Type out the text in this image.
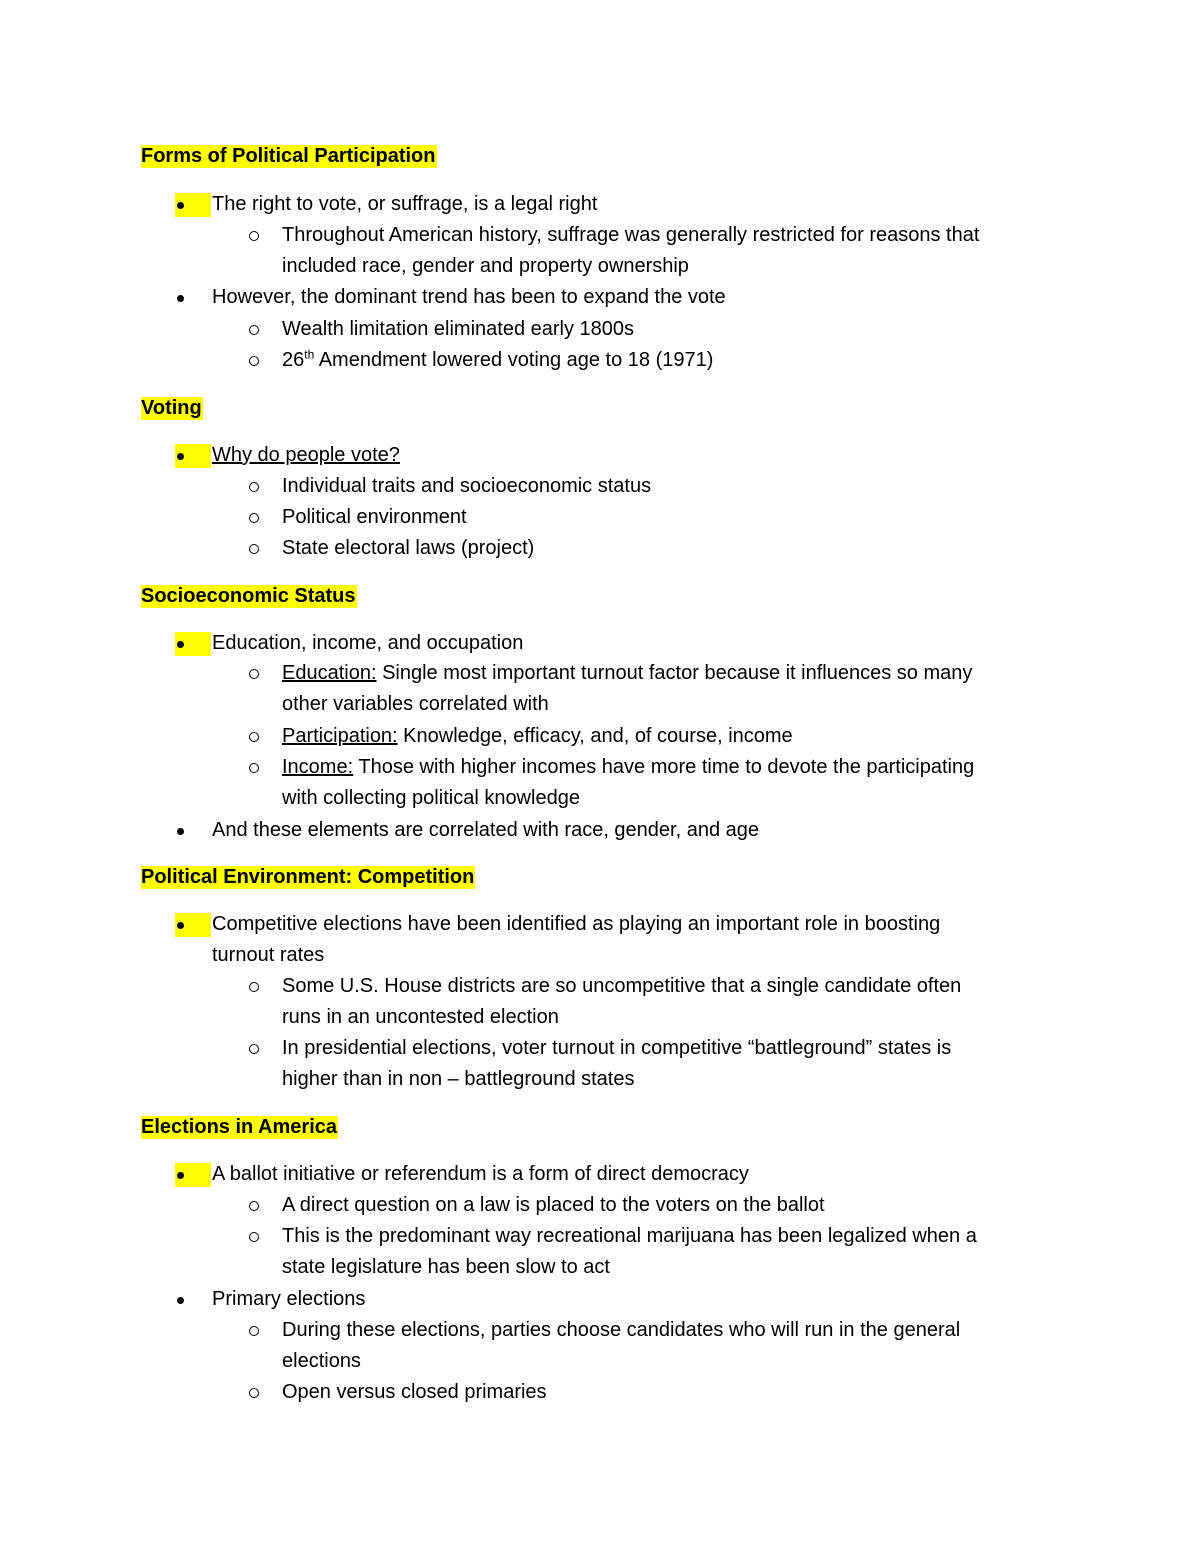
Forms of Political Participation
The right to vote, or suffrage, is a legal right
Throughout American history, suffrage was generally restricted for reasons that
included race, gender and property ownership
However, the dominant trend has been to expand the vote
Wealth limitation eliminated early 1800s
26th Amendment lowered voting age to 18 (1971)
Voting
Why do people vote?
Individual traits and socioeconomic status
Political environment
State electoral laws (project)
Socioeconomic Status
Education, income, and occupation
Education: Single most important turnout factor because it influences so many
other variables correlated with
Participation: Knowledge, efficacy, and, of course, income
Income: Those with higher incomes have more time to devote the participating
with collecting political knowledge
And these elements are correlated with race, gender, and age
Political Environment: Competition
Competitive elections have been identified as playing an important role in boosting
turnout rates
Some U.S. House districts are so uncompetitive that a single candidate often
runs in an uncontested election
In presidential elections, voter turnout in competitive “battleground” states is
higher than in non – battleground states
Elections in America
A ballot initiative or referendum is a form of direct democracy
A direct question on a law is placed to the voters on the ballot
This is the predominant way recreational marijuana has been legalized when a
state legislature has been slow to act
Primary elections
During these elections, parties choose candidates who will run in the general
elections
Open versus closed primaries
